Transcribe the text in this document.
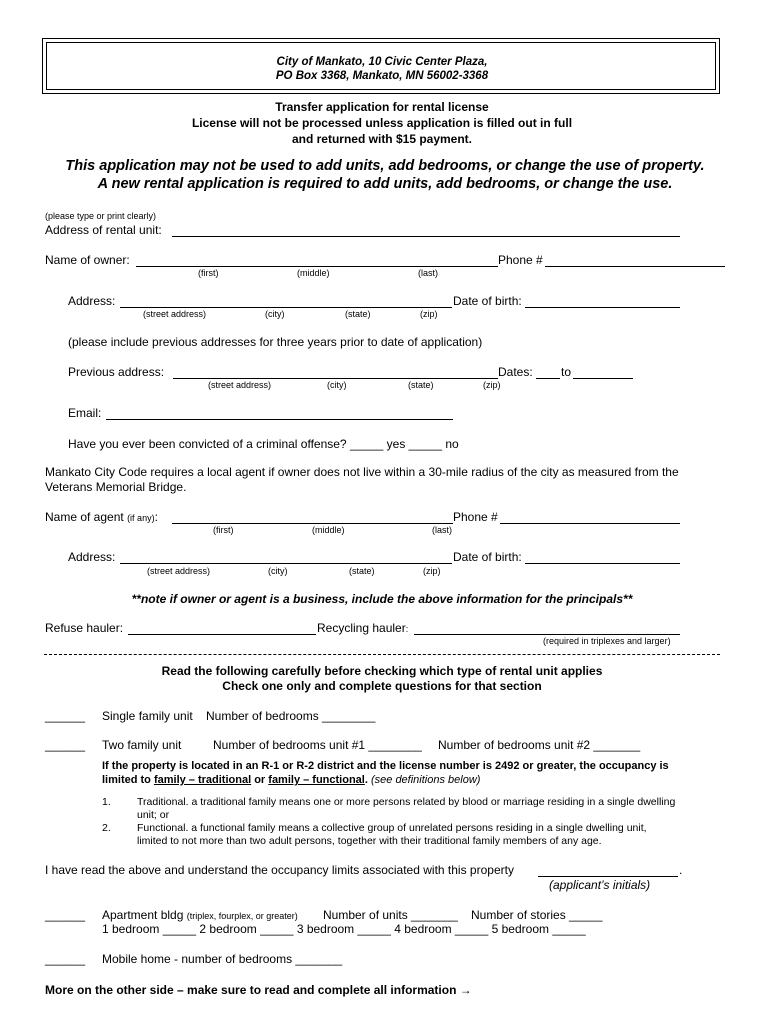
City of Mankato, 10 Civic Center Plaza,
PO Box 3368, Mankato, MN 56002-3368
Transfer application for rental license
License will not be processed unless application is filled out in full
and returned with $15 payment.
This application may not be used to add units, add bedrooms, or change the use of property.
A new rental application is required to add units, add bedrooms, or change the use.
(please type or print clearly)
Address of rental unit:
Name of owner:	Phone #
(first)	(middle)	(last)
Address:	Date of birth:
(street address)	(city)	(state)	(zip)
(please include previous addresses for three years prior to date of application)
Previous address:	Dates: to
(street address)	(city)	(state)	(zip)
Email:
Have you ever been convicted of a criminal offense? _____ yes _____ no
Mankato City Code requires a local agent if owner does not live within a 30-mile radius of the city as measured from the
Veterans Memorial Bridge.
Name of agent (if any):	Phone #
(first)	(middle)	(last)
Address:	Date of birth:
(street address)	(city)	(state)	(zip)
**note if owner or agent is a business, include the above information for the principals**
Refuse hauler:	Recycling hauler:
(required in triplexes and larger)
Read the following carefully before checking which type of rental unit applies
Check one only and complete questions for that section
______ Single family unit Number of bedrooms ________
______ Two family unit	Number of bedrooms unit #1 ________ Number of bedrooms unit #2 _______
If the property is located in an R-1 or R-2 district and the license number is 2492 or greater, the occupancy is
limited to family – traditional or family – functional. (see definitions below)
1. Traditional. a traditional family means one or more persons related by blood or marriage residing in a single dwelling
unit; or
2. Functional. a functional family means a collective group of unrelated persons residing in a single dwelling unit,
limited to not more than two adult persons, together with their traditional family members of any age.
I have read the above and understand the occupancy limits associated with this property	.
(applicant’s initials)
______ Apartment bldg (triplex, fourplex, or greater) Number of units _______ Number of stories _____
1 bedroom _____ 2 bedroom _____ 3 bedroom _____ 4 bedroom _____ 5 bedroom _____
______ Mobile home - number of bedrooms _______
More on the other side – make sure to read and complete all information →
